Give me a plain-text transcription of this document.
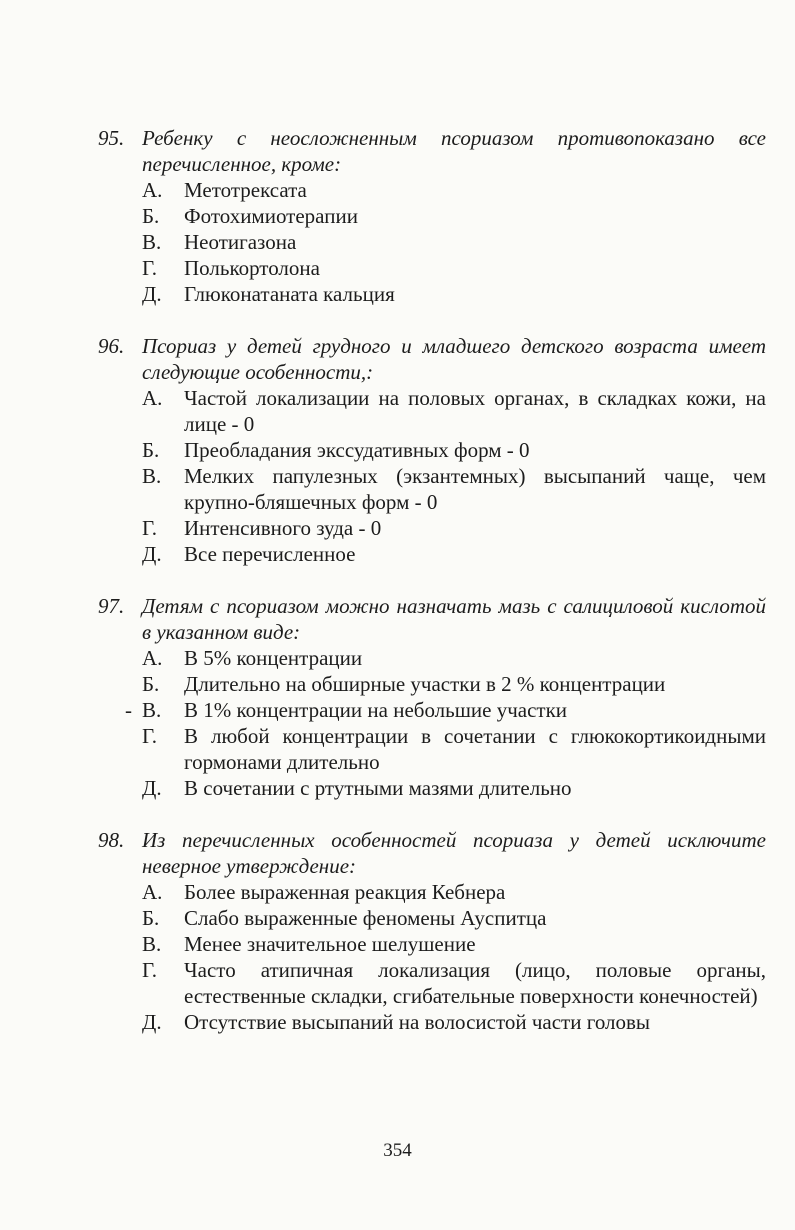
95. Ребенку с неосложненным псориазом противопоказано все перечисленное, кроме:
А. Метотрексата
Б. Фотохимиотерапии
В. Неотигазона
Г. Полькортолона
Д. Глюконатаната кальция
96. Псориаз у детей грудного и младшего детского возраста имеет следующие особенности,:
А. Частой локализации на половых органах, в складках кожи, на лице - 0
Б. Преобладания экссудативных форм - 0
В. Мелких папулезных (экзантемных) высыпаний чаще, чем крупно-бляшечных форм - 0
Г. Интенсивного зуда - 0
Д. Все перечисленное
97. Детям с псориазом можно назначать мазь с салициловой кислотой в указанном виде:
А. В 5% концентрации
Б. Длительно на обширные участки в 2 % концентрации
- В. В 1% концентрации на небольшие участки
Г. В любой концентрации в сочетании с глюкокортикоидными гормонами длительно
Д. В сочетании с ртутными мазями длительно
98. Из перечисленных особенностей псориаза у детей исключите неверное утверждение:
А. Более выраженная реакция Кебнера
Б. Слабо выраженные феномены Ауспитца
В. Менее значительное шелушение
Г. Часто атипичная локализация (лицо, половые органы, естественные складки, сгибательные поверхности конечностей)
Д. Отсутствие высыпаний на волосистой части головы
354
